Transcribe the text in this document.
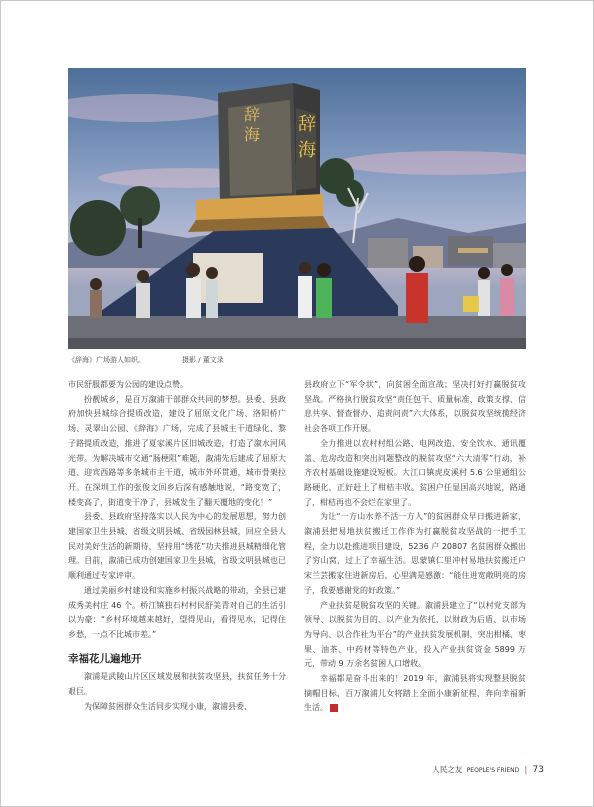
辞
海 辞
海
《辞海》广场游人如织。	摄影 / 董文录

市民舒服都要为公园的建设点赞。

扮靓城乡，是百万溆浦干部群众共同的梦想。县委、县政府加快县城综合提质改造，建设了屈原文化广场、洛阳桥广场、灵翠山公园、《辞海》广场，完成了县城主干道绿化、黎子路提质改造，推进了夏家溪片区旧城改造，打造了溆水河风光带。为解决城市交通“肠梗阻”难题，溆浦先后建成了屈原大道、迎宾西路等多条城市主干道，城市外环贯通，城市骨架拉开。在深圳工作的张俊文回乡后深有感触地说，“路变宽了，楼变高了，街道变干净了，县城发生了翻天覆地的变化！”

县委、县政府坚持落实以人民为中心的发展思想，努力创建国家卫生县城、省级文明县城、省级园林县城，回应全县人民对美好生活的新期待，坚持用“绣花”功夫推进县城精细化管理。目前，溆浦已成功创建国家卫生县城，省级文明县城也已顺利通过专家评审。

通过美丽乡村建设和实施乡村振兴战略的带动，全县已建成秀美村庄 46 个。桥江镇独石村村民舒美青对自己的生活引以为豪：“乡村环境越来越好，望得见山，看得见水，记得住乡愁，一点不比城市差。”

幸福花儿遍地开

溆浦是武陵山片区区域发展和扶贫攻坚县，扶贫任务十分艰巨。

为保障贫困群众生活同步实现小康，溆浦县委、

县政府立下“军令状”，向贫困全面宣战；坚决打好打赢脱贫攻坚战。严格执行脱贫攻坚“责任包干、质量标准、政策支撑、信息共享、督查督办、追责问责”六大体系，以脱贫攻坚统揽经济社会各项工作开展。

全力推进以农村村组公路、电网改造、安全饮水、通讯覆盖、危房改造和突出问题整改的脱贫攻坚“六大清零”行动，补齐农村基础设施建设短板。大江口镇虎皮溪村 5.6 公里通组公路硬化，正好赶上了柑桔丰收。贫困户任显国高兴地说，路通了，柑桔再也不会烂在家里了。

为让“一方山水养不活一方人”的贫困群众早日搬进新家，溆浦县把易地扶贫搬迁工作作为打赢脱贫攻坚战的一把手工程，全力以赴推进项目建设，5236 户 20807 名贫困群众搬出了穷山窝，过上了幸福生活。思蒙镇仁里冲村易地扶贫搬迁户宋兰芸搬家住进新房后，心里满是感激：“能住进宽敞明亮的房子，我要感谢党的好政策。”

产业扶贫是脱贫攻坚的关键。溆浦县建立了“以村党支部为领导、以脱贫为目的、以产业为依托、以财政为后盾、以市场为导向、以合作社为平台”的产业扶贫发展机制，突出柑橘、枣果、油茶、中药材等特色产业，投入产业扶贫资金 5899 万元，带动 9 万余名贫困人口增收。

幸福都是奋斗出来的！2019 年，溆浦县将实现整县脱贫摘帽目标，百万溆浦儿女将踏上全面小康新征程，奔向幸福新生活。	文

人民之友 PEOPLE'S FRIEND | 73
